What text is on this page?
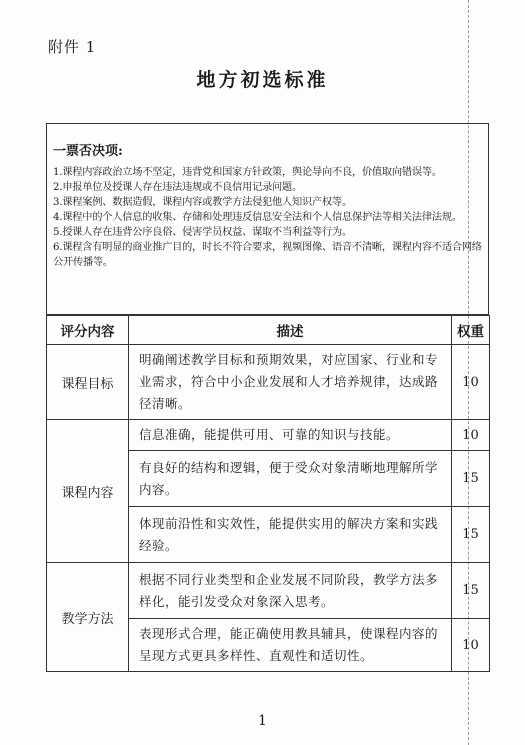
附件 1
地方初选标准
一票否决项:
1.课程内容政治立场不坚定，违背党和国家方针政策，舆论导向不良，价值取向错误等。
2.申报单位及授课人存在违法违规或不良信用记录问题。
3.课程案例、数据造假，课程内容或教学方法侵犯他人知识产权等。
4.课程中的个人信息的收集、存储和处理违反信息安全法和个人信息保护法等相关法律法规。
5.授课人存在违背公序良俗、侵害学员权益、谋取不当利益等行为。
6.课程含有明显的商业推广目的，时长不符合要求，视频图像、语音不清晰，课程内容不适合网络公开传播等。
评分内容	描述	权重
课程目标	明确阐述教学目标和预期效果，对应国家、行业和专业需求，符合中小企业发展和人才培养规律，达成路径清晰。	10
课程内容	信息准确，能提供可用、可靠的知识与技能。	10
	有良好的结构和逻辑，便于受众对象清晰地理解所学内容。	15
	体现前沿性和实效性，能提供实用的解决方案和实践经验。	15
教学方法	根据不同行业类型和企业发展不同阶段，教学方法多样化，能引发受众对象深入思考。	15
	表现形式合理，能正确使用教具辅具，使课程内容的呈现方式更具多样性、直观性和适切性。	10
1
